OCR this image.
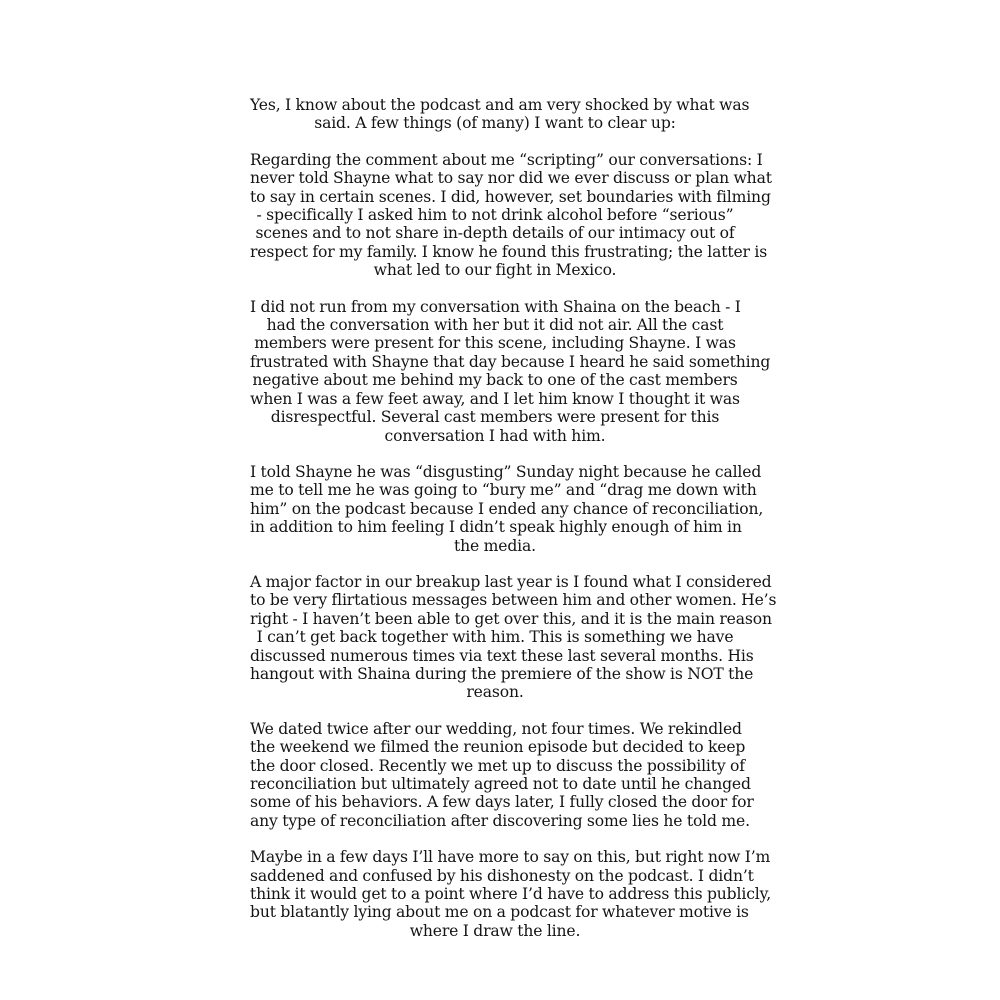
Yes, I know about the podcast and am very shocked by what was
said. A few things (of many) I want to clear up:

Regarding the comment about me “scripting” our conversations: I
never told Shayne what to say nor did we ever discuss or plan what
to say in certain scenes. I did, however, set boundaries with filming
- specifically I asked him to not drink alcohol before “serious”
scenes and to not share in-depth details of our intimacy out of
respect for my family. I know he found this frustrating; the latter is
what led to our fight in Mexico.

I did not run from my conversation with Shaina on the beach - I
had the conversation with her but it did not air. All the cast
members were present for this scene, including Shayne. I was
frustrated with Shayne that day because I heard he said something
negative about me behind my back to one of the cast members
when I was a few feet away, and I let him know I thought it was
disrespectful. Several cast members were present for this
conversation I had with him.

I told Shayne he was “disgusting” Sunday night because he called
me to tell me he was going to “bury me” and “drag me down with
him” on the podcast because I ended any chance of reconciliation,
in addition to him feeling I didn’t speak highly enough of him in
the media.

A major factor in our breakup last year is I found what I considered
to be very flirtatious messages between him and other women. He’s
right - I haven’t been able to get over this, and it is the main reason
I can’t get back together with him. This is something we have
discussed numerous times via text these last several months. His
hangout with Shaina during the premiere of the show is NOT the
reason.

We dated twice after our wedding, not four times. We rekindled
the weekend we filmed the reunion episode but decided to keep
the door closed. Recently we met up to discuss the possibility of
reconciliation but ultimately agreed not to date until he changed
some of his behaviors. A few days later, I fully closed the door for
any type of reconciliation after discovering some lies he told me.

Maybe in a few days I’ll have more to say on this, but right now I’m
saddened and confused by his dishonesty on the podcast. I didn’t
think it would get to a point where I’d have to address this publicly,
but blatantly lying about me on a podcast for whatever motive is
where I draw the line.
